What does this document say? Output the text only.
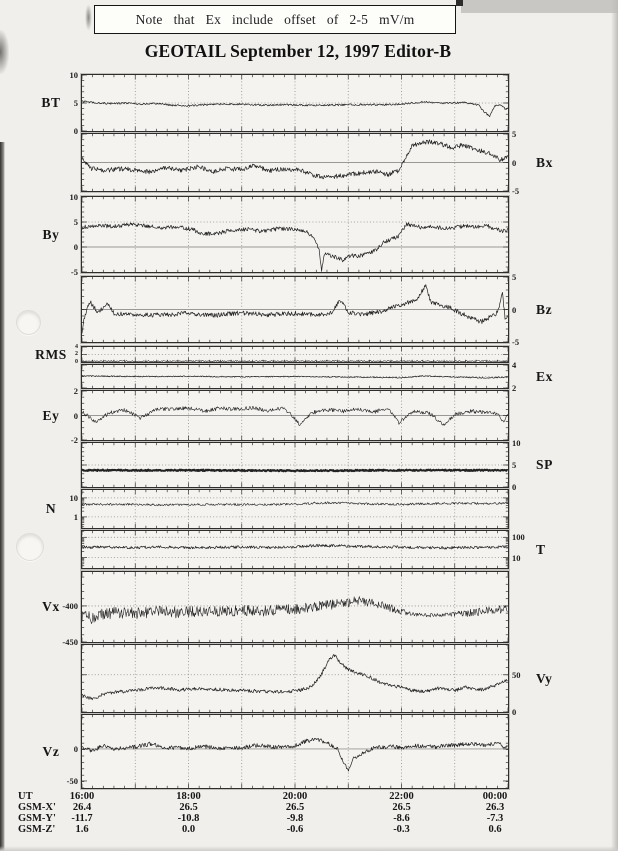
Note that Ex include offset of 2-5 mV/m
GEOTAIL September 12, 1997 Editor-B
UT	16:00	18:00	20:00	22:00	00:00
GSM-X'	26.4	26.5	26.5	26.5	26.3
GSM-Y'	-11.7	-10.8	-9.8	-8.6	-7.3
GSM-Z'	1.6	0.0	-0.6	-0.3	0.6
BT
10
5
0
Bx
5
0
-5
By
10
5
0
-5
Bz
5
0
-5
RMS	4
2
0
Ex
4
2
Ey
2
0
-2
SP
10
5
0
N
10
1
T
100
10
Vx -400
-450
Vy
50
0
Vz	0
-50
